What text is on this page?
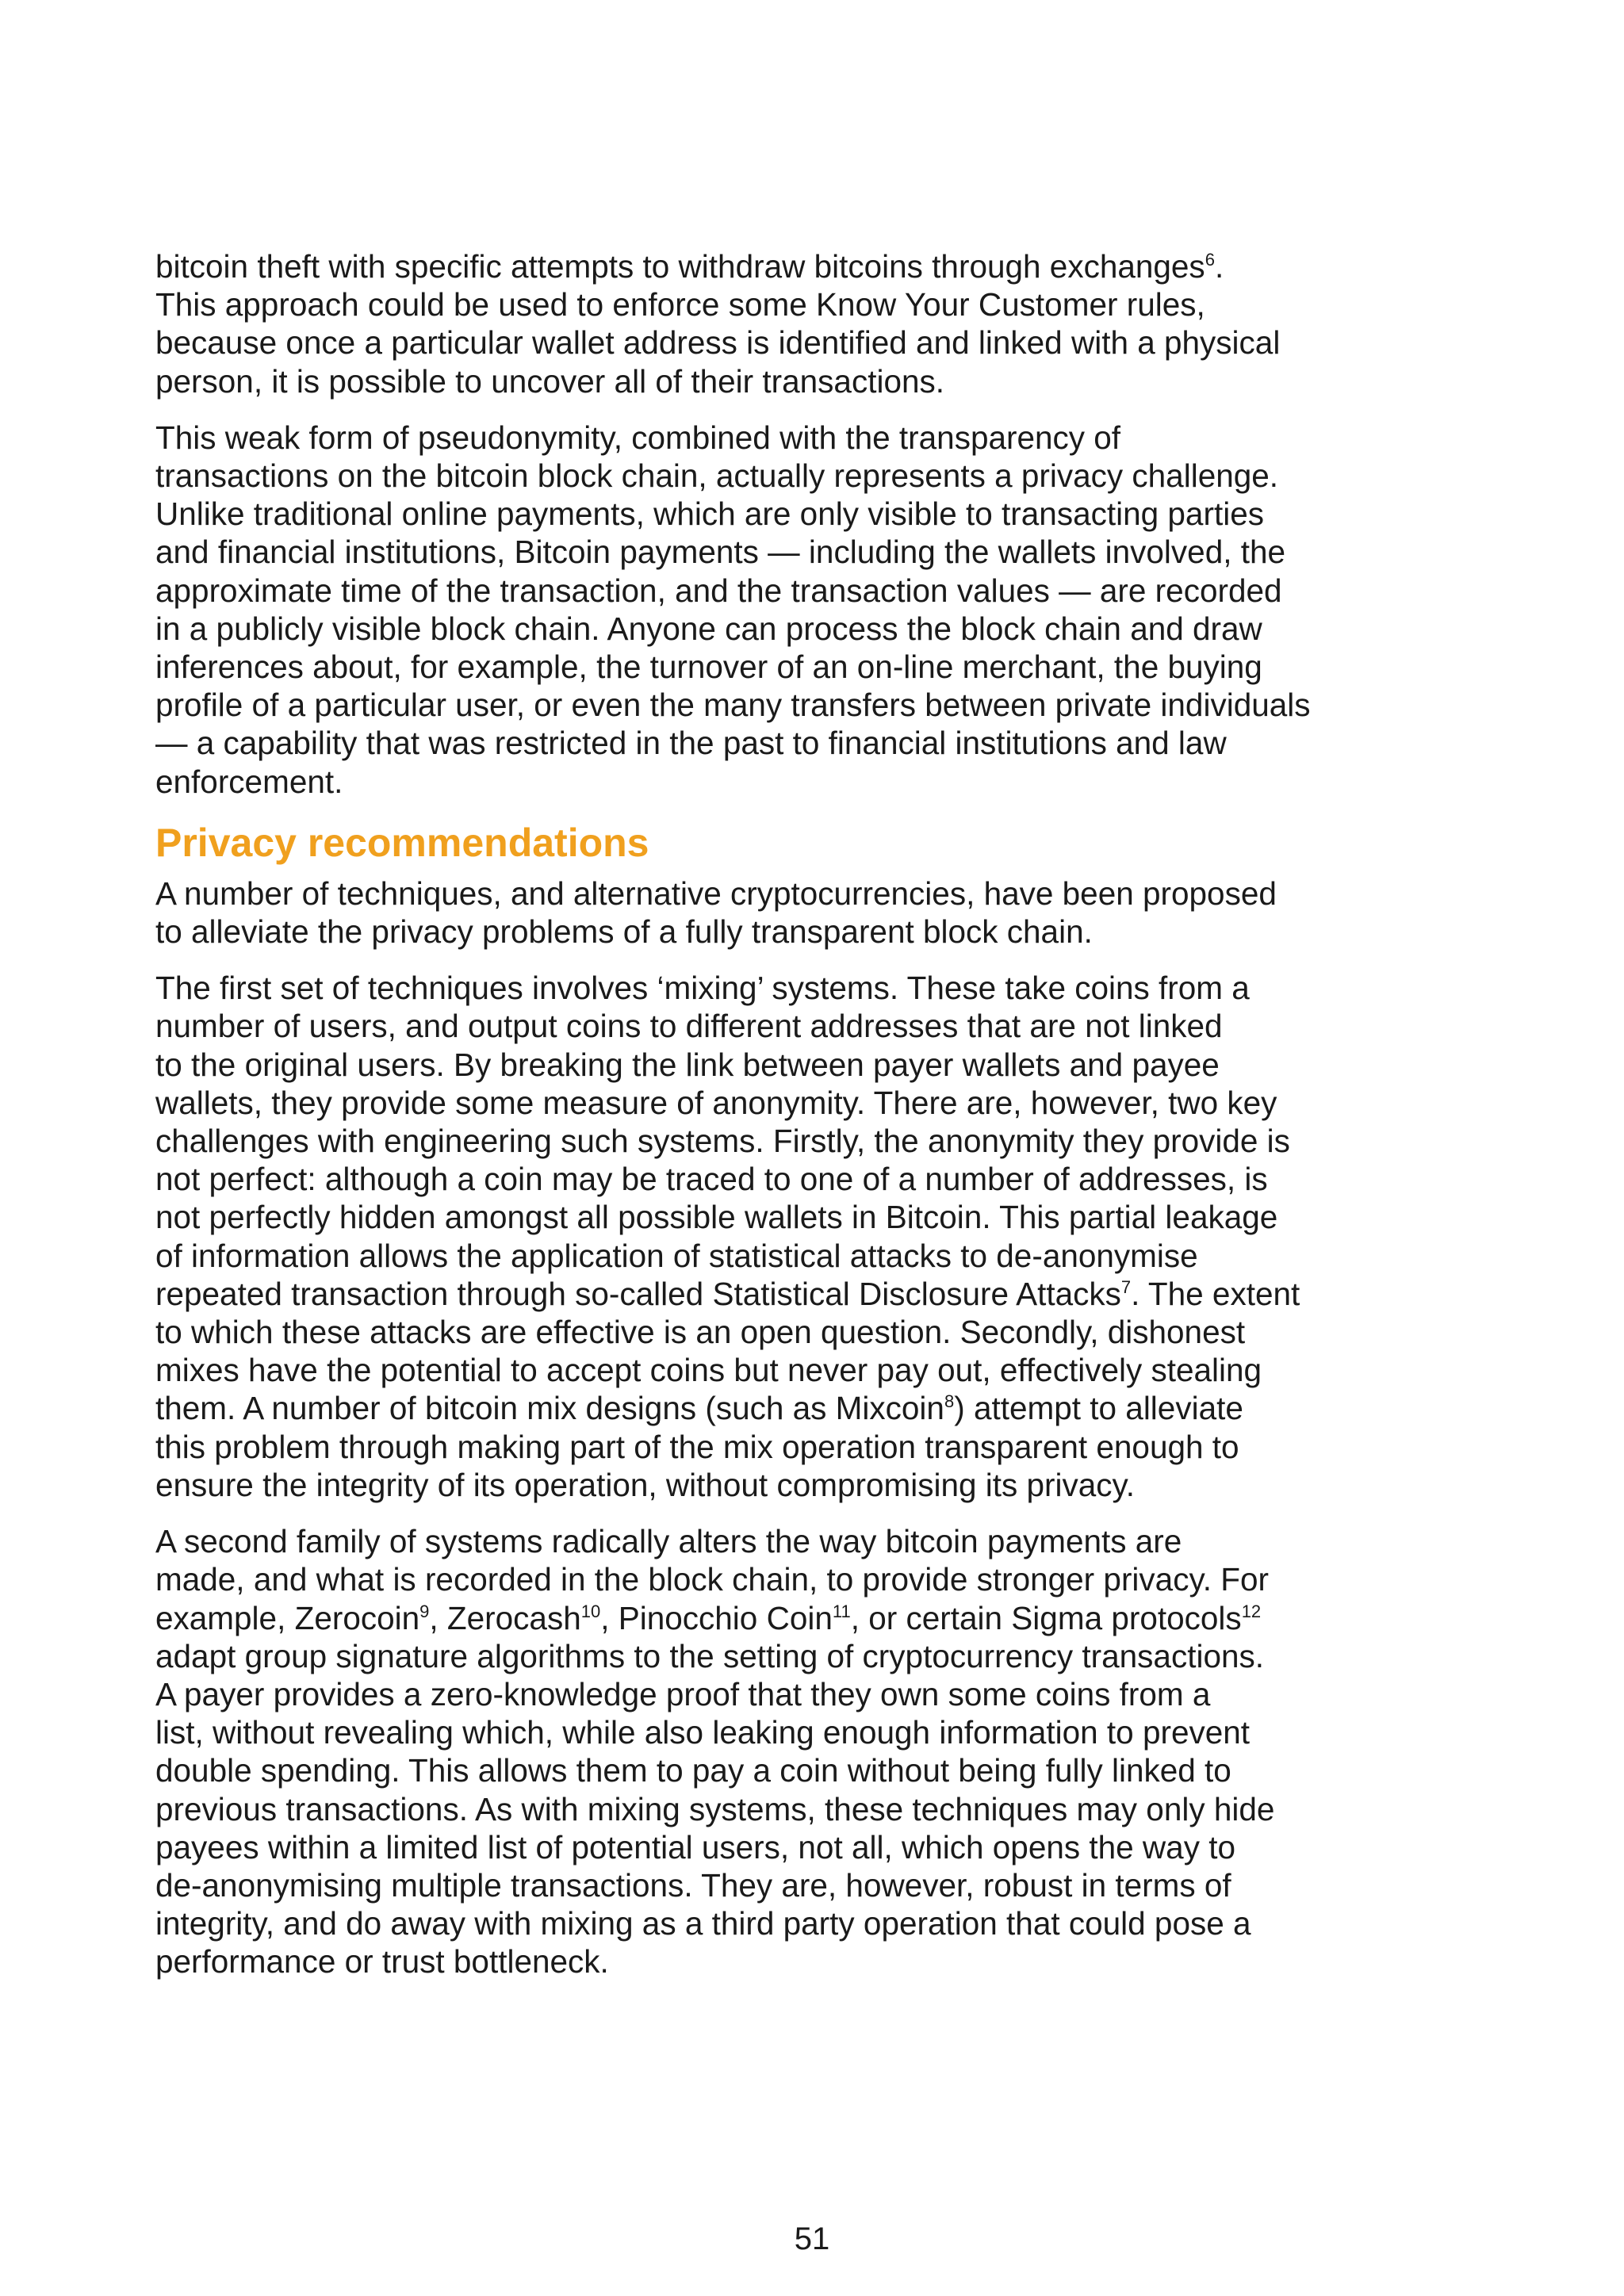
bitcoin theft with specific attempts to withdraw bitcoins through exchanges$^6$.
This approach could be used to enforce some Know Your Customer rules,
because once a particular wallet address is identified and linked with a physical
person, it is possible to uncover all of their transactions.

This weak form of pseudonymity, combined with the transparency of
transactions on the bitcoin block chain, actually represents a privacy challenge.
Unlike traditional online payments, which are only visible to transacting parties
and financial institutions, Bitcoin payments — including the wallets involved, the
approximate time of the transaction, and the transaction values — are recorded
in a publicly visible block chain. Anyone can process the block chain and draw
inferences about, for example, the turnover of an on-line merchant, the buying
profile of a particular user, or even the many transfers between private individuals
— a capability that was restricted in the past to financial institutions and law
enforcement.

Privacy recommendations

A number of techniques, and alternative cryptocurrencies, have been proposed
to alleviate the privacy problems of a fully transparent block chain.

The first set of techniques involves ‘mixing’ systems. These take coins from a
number of users, and output coins to different addresses that are not linked
to the original users. By breaking the link between payer wallets and payee
wallets, they provide some measure of anonymity. There are, however, two key
challenges with engineering such systems. Firstly, the anonymity they provide is
not perfect: although a coin may be traced to one of a number of addresses, is
not perfectly hidden amongst all possible wallets in Bitcoin. This partial leakage
of information allows the application of statistical attacks to de-anonymise
repeated transaction through so-called Statistical Disclosure Attacks$^7$. The extent
to which these attacks are effective is an open question. Secondly, dishonest
mixes have the potential to accept coins but never pay out, effectively stealing
them. A number of bitcoin mix designs (such as Mixcoin$^8$) attempt to alleviate
this problem through making part of the mix operation transparent enough to
ensure the integrity of its operation, without compromising its privacy.

A second family of systems radically alters the way bitcoin payments are
made, and what is recorded in the block chain, to provide stronger privacy. For
example, Zerocoin$^9$, Zerocash$^{10}$, Pinocchio Coin$^{11}$, or certain Sigma protocols$^{12}$
adapt group signature algorithms to the setting of cryptocurrency transactions.
A payer provides a zero-knowledge proof that they own some coins from a
list, without revealing which, while also leaking enough information to prevent
double spending. This allows them to pay a coin without being fully linked to
previous transactions. As with mixing systems, these techniques may only hide
payees within a limited list of potential users, not all, which opens the way to
de-anonymising multiple transactions. They are, however, robust in terms of
integrity, and do away with mixing as a third party operation that could pose a
performance or trust bottleneck.

51
